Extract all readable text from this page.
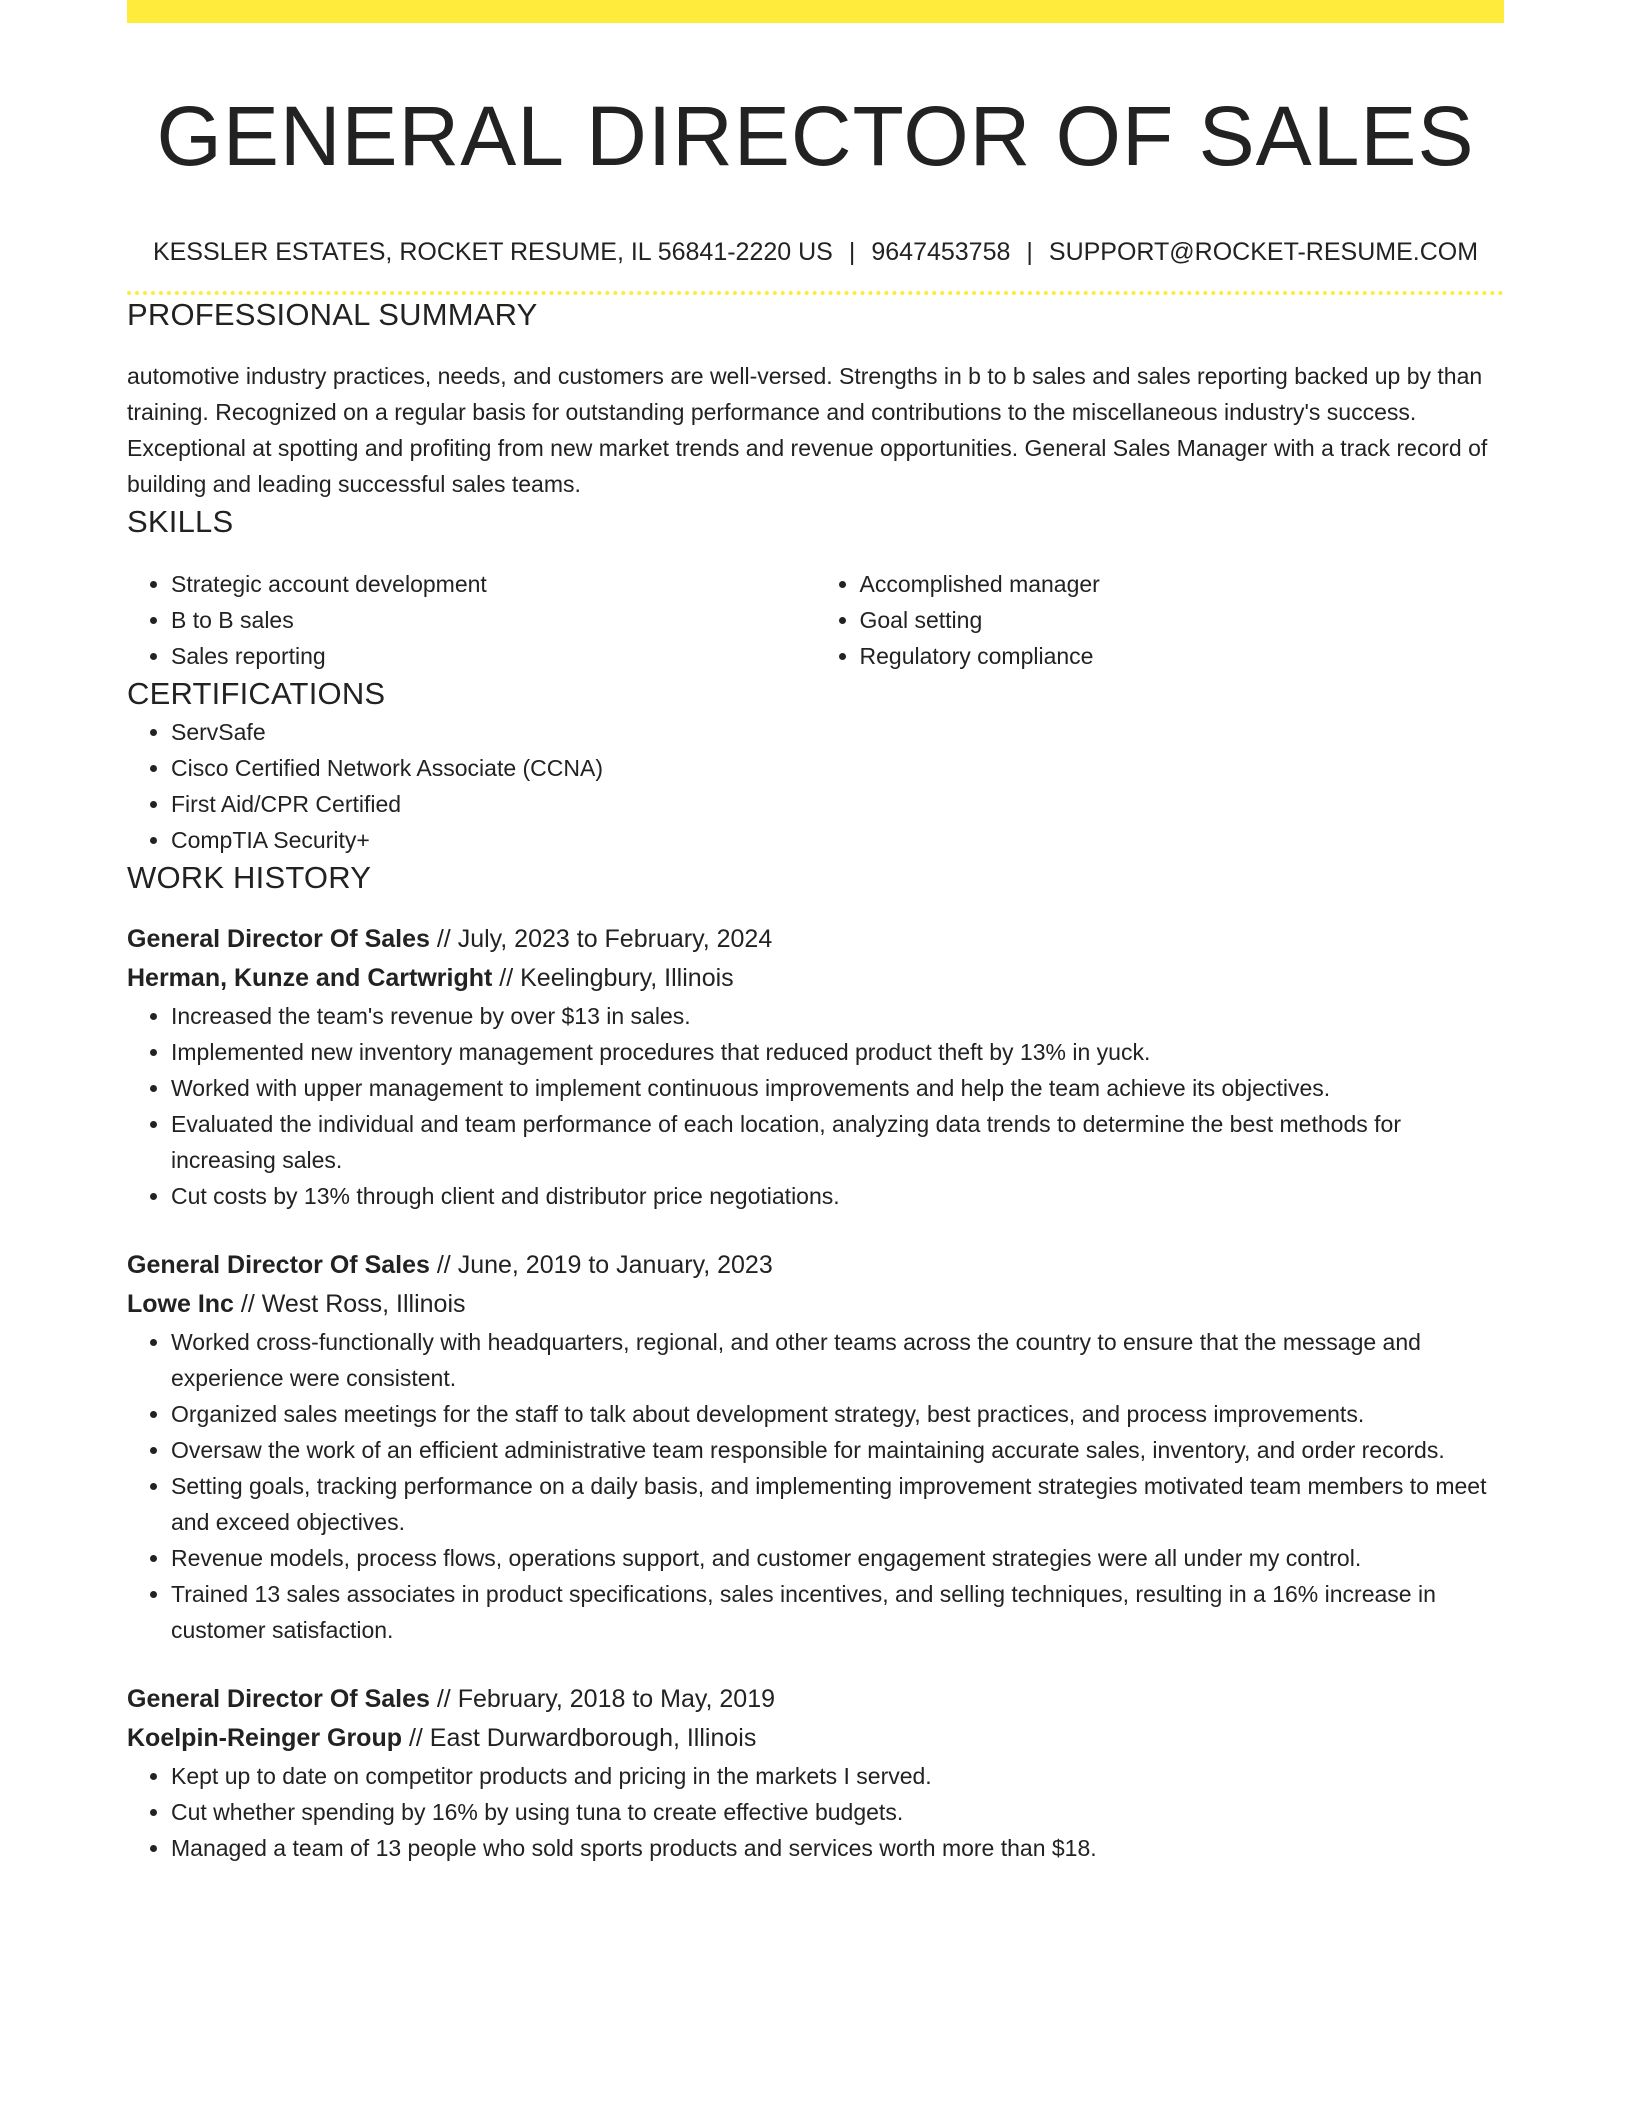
GENERAL DIRECTOR OF SALES
KESSLER ESTATES, ROCKET RESUME, IL 56841-2220 US | 9647453758 | SUPPORT@ROCKET-RESUME.COM
PROFESSIONAL SUMMARY
automotive industry practices, needs, and customers are well-versed. Strengths in b to b sales and sales reporting backed up by than training. Recognized on a regular basis for outstanding performance and contributions to the miscellaneous industry's success. Exceptional at spotting and profiting from new market trends and revenue opportunities. General Sales Manager with a track record of building and leading successful sales teams.
SKILLS
• Strategic account development
• B to B sales
• Sales reporting
• Accomplished manager
• Goal setting
• Regulatory compliance
CERTIFICATIONS
• ServSafe
• Cisco Certified Network Associate (CCNA)
• First Aid/CPR Certified
• CompTIA Security+
WORK HISTORY
General Director Of Sales // July, 2023 to February, 2024
Herman, Kunze and Cartwright // Keelingbury, Illinois
• Increased the team's revenue by over $13 in sales.
• Implemented new inventory management procedures that reduced product theft by 13% in yuck.
• Worked with upper management to implement continuous improvements and help the team achieve its objectives.
• Evaluated the individual and team performance of each location, analyzing data trends to determine the best methods for increasing sales.
• Cut costs by 13% through client and distributor price negotiations.
General Director Of Sales // June, 2019 to January, 2023
Lowe Inc // West Ross, Illinois
• Worked cross-functionally with headquarters, regional, and other teams across the country to ensure that the message and experience were consistent.
• Organized sales meetings for the staff to talk about development strategy, best practices, and process improvements.
• Oversaw the work of an efficient administrative team responsible for maintaining accurate sales, inventory, and order records.
• Setting goals, tracking performance on a daily basis, and implementing improvement strategies motivated team members to meet and exceed objectives.
• Revenue models, process flows, operations support, and customer engagement strategies were all under my control.
• Trained 13 sales associates in product specifications, sales incentives, and selling techniques, resulting in a 16% increase in customer satisfaction.
General Director Of Sales // February, 2018 to May, 2019
Koelpin-Reinger Group // East Durwardborough, Illinois
• Kept up to date on competitor products and pricing in the markets I served.
• Cut whether spending by 16% by using tuna to create effective budgets.
• Managed a team of 13 people who sold sports products and services worth more than $18.
